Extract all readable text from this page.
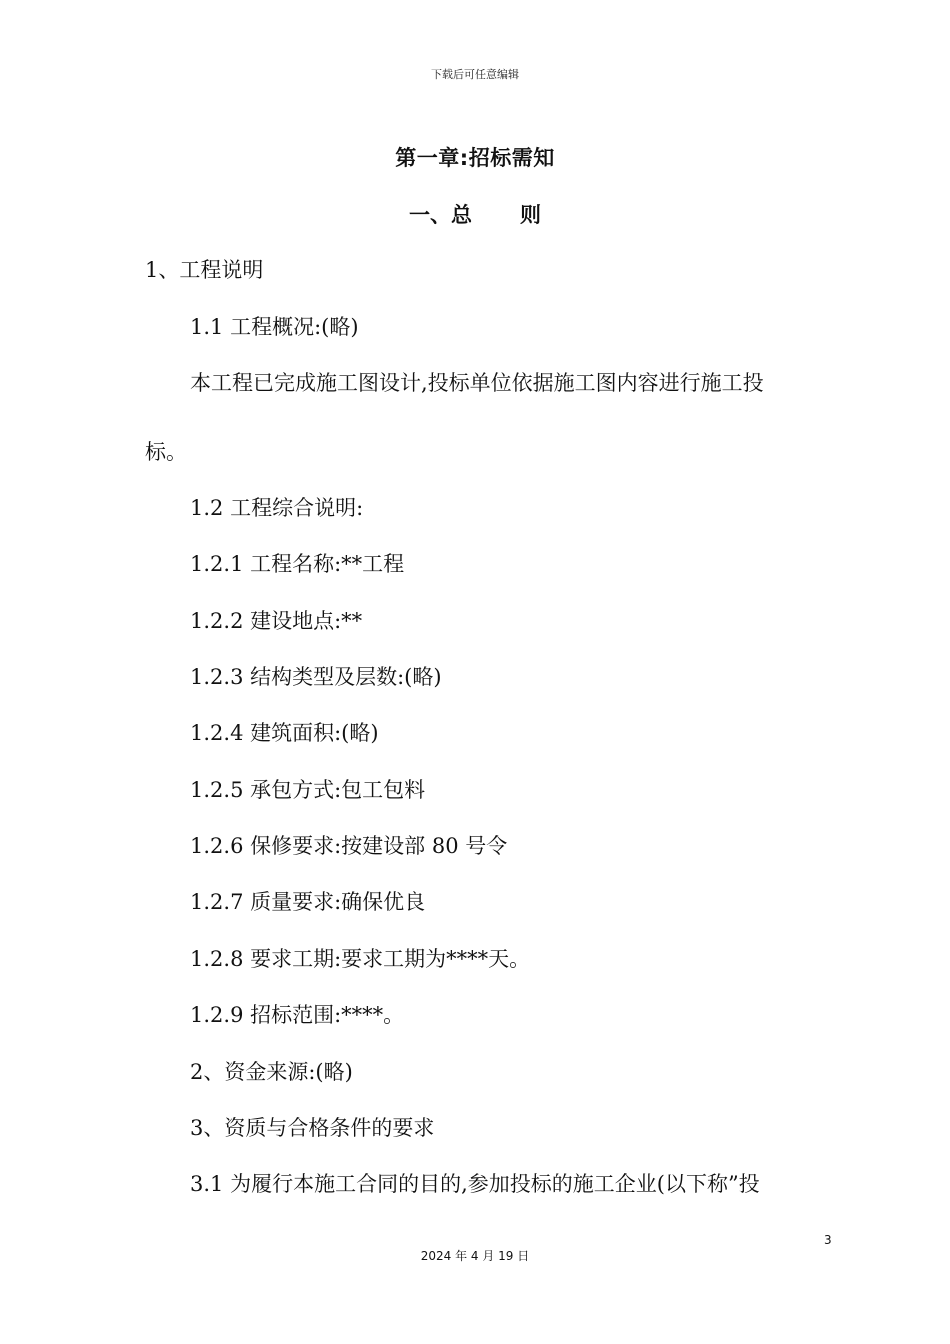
下载后可任意编辑
第一章:招标需知
一、总 则
1、工程说明
1.1 工程概况:(略)
本工程已完成施工图设计,投标单位依据施工图内容进行施工投
标。
1.2 工程综合说明:
1.2.1 工程名称:**工程
1.2.2 建设地点:**
1.2.3 结构类型及层数:(略)
1.2.4 建筑面积:(略)
1.2.5 承包方式:包工包料
1.2.6 保修要求:按建设部 80 号令
1.2.7 质量要求:确保优良
1.2.8 要求工期:要求工期为****天。
1.2.9 招标范围:****。
2、资金来源:(略)
3、资质与合格条件的要求
3.1 为履行本施工合同的目的,参加投标的施工企业(以下称”投
3
2024 年 4 月 19 日
